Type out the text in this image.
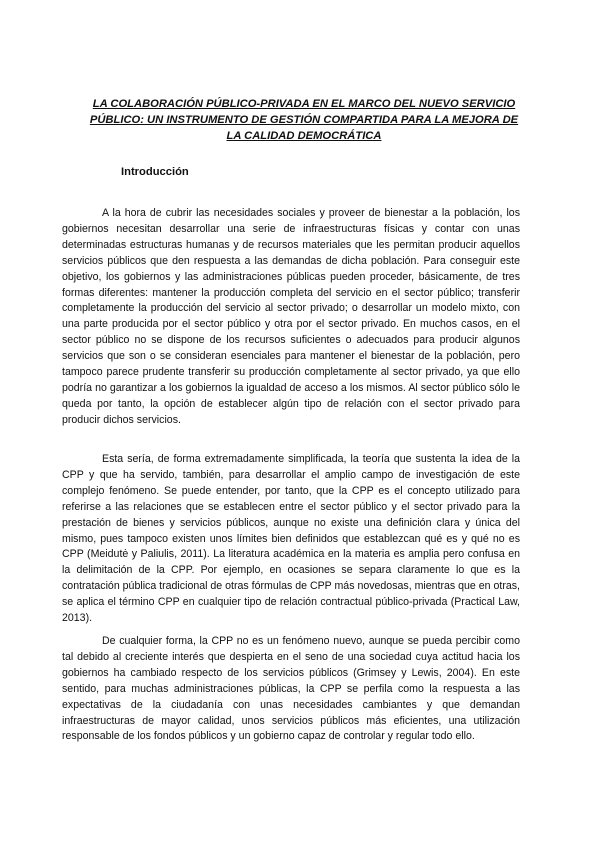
LA COLABORACIÓN PÚBLICO-PRIVADA EN EL MARCO DEL NUEVO SERVICIO PÚBLICO: UN INSTRUMENTO DE GESTIÓN COMPARTIDA PARA LA MEJORA DE LA CALIDAD DEMOCRÁTICA
Introducción

A la hora de cubrir las necesidades sociales y proveer de bienestar a la población, los gobiernos necesitan desarrollar una serie de infraestructuras físicas y contar con unas determinadas estructuras humanas y de recursos materiales que les permitan producir aquellos servicios públicos que den respuesta a las demandas de dicha población. Para conseguir este objetivo, los gobiernos y las administraciones públicas pueden proceder, básicamente, de tres formas diferentes: mantener la producción completa del servicio en el sector público; transferir completamente la producción del servicio al sector privado; o desarrollar un modelo mixto, con una parte producida por el sector público y otra por el sector privado. En muchos casos, en el sector público no se dispone de los recursos suficientes o adecuados para producir algunos servicios que son o se consideran esenciales para mantener el bienestar de la población, pero tampoco parece prudente transferir su producción completamente al sector privado, ya que ello podría no garantizar a los gobiernos la igualdad de acceso a los mismos. Al sector público sólo le queda por tanto, la opción de establecer algún tipo de relación con el sector privado para producir dichos servicios.

Esta sería, de forma extremadamente simplificada, la teoría que sustenta la idea de la CPP y que ha servido, también, para desarrollar el amplio campo de investigación de este complejo fenómeno. Se puede entender, por tanto, que la CPP es el concepto utilizado para referirse a las relaciones que se establecen entre el sector público y el sector privado para la prestación de bienes y servicios públicos, aunque no existe una definición clara y única del mismo, pues tampoco existen unos límites bien definidos que establezcan qué es y qué no es CPP (Meidutė y Paliulis, 2011). La literatura académica en la materia es amplia pero confusa en la delimitación de la CPP. Por ejemplo, en ocasiones se separa claramente lo que es la contratación pública tradicional de otras fórmulas de CPP más novedosas, mientras que en otras, se aplica el término CPP en cualquier tipo de relación contractual público-privada (Practical Law, 2013).

De cualquier forma, la CPP no es un fenómeno nuevo, aunque se pueda percibir como tal debido al creciente interés que despierta en el seno de una sociedad cuya actitud hacia los gobiernos ha cambiado respecto de los servicios públicos (Grimsey y Lewis, 2004). En este sentido, para muchas administraciones públicas, la CPP se perfila como la respuesta a las expectativas de la ciudadanía con unas necesidades cambiantes y que demandan infraestructuras de mayor calidad, unos servicios públicos más eficientes, una utilización responsable de los fondos públicos y un gobierno capaz de controlar y regular todo ello.
